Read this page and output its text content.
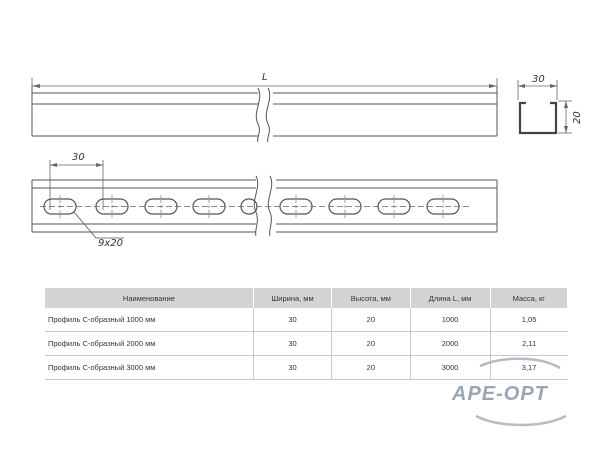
L	30
20
30
9x20
Наименование	Ширина, мм	Высота, мм	Длина L, мм	Масса, кг
Профиль С-образный 1000 мм	30	20	1000	1,05
Профиль С-образный 2000 мм	30	20	2000	2,11
Профиль С-образный 3000 мм	30	20	3000	3,17
APE-OPT
